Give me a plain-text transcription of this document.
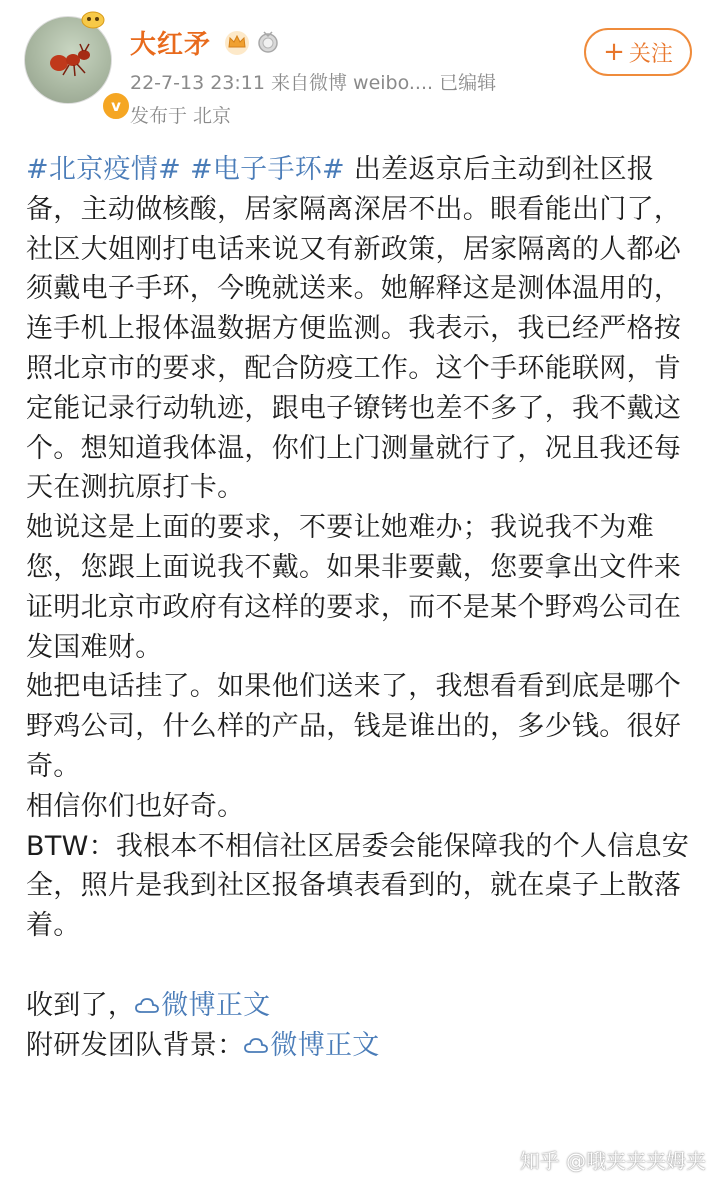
v
大红矛
22-7-13 23:11 来自微博 weibo.... 已编辑
发布于 北京
+ 关注

#北京疫情# #电子手环# 出差返京后主动到社区报备，主动做核酸，居家隔离深居不出。眼看能出门了，社区大姐刚打电话来说又有新政策，居家隔离的人都必须戴电子手环，今晚就送来。她解释这是测体温用的，连手机上报体温数据方便监测。我表示，我已经严格按照北京市的要求，配合防疫工作。这个手环能联网，肯定能记录行动轨迹，跟电子镣铐也差不多了，我不戴这个。想知道我体温，你们上门测量就行了，况且我还每天在测抗原打卡。

她说这是上面的要求，不要让她难办；我说我不为难您，您跟上面说我不戴。如果非要戴，您要拿出文件来证明北京市政府有这样的要求，而不是某个野鸡公司在发国难财。

她把电话挂了。如果他们送来了，我想看看到底是哪个野鸡公司，什么样的产品，钱是谁出的，多少钱。很好奇。

相信你们也好奇。

BTW：我根本不相信社区居委会能保障我的个人信息安全，照片是我到社区报备填表看到的，就在桌子上散落着。

收到了， 微博正文

附研发团队背景： 微博正文

知乎 @哦夹夹夹姆夹
